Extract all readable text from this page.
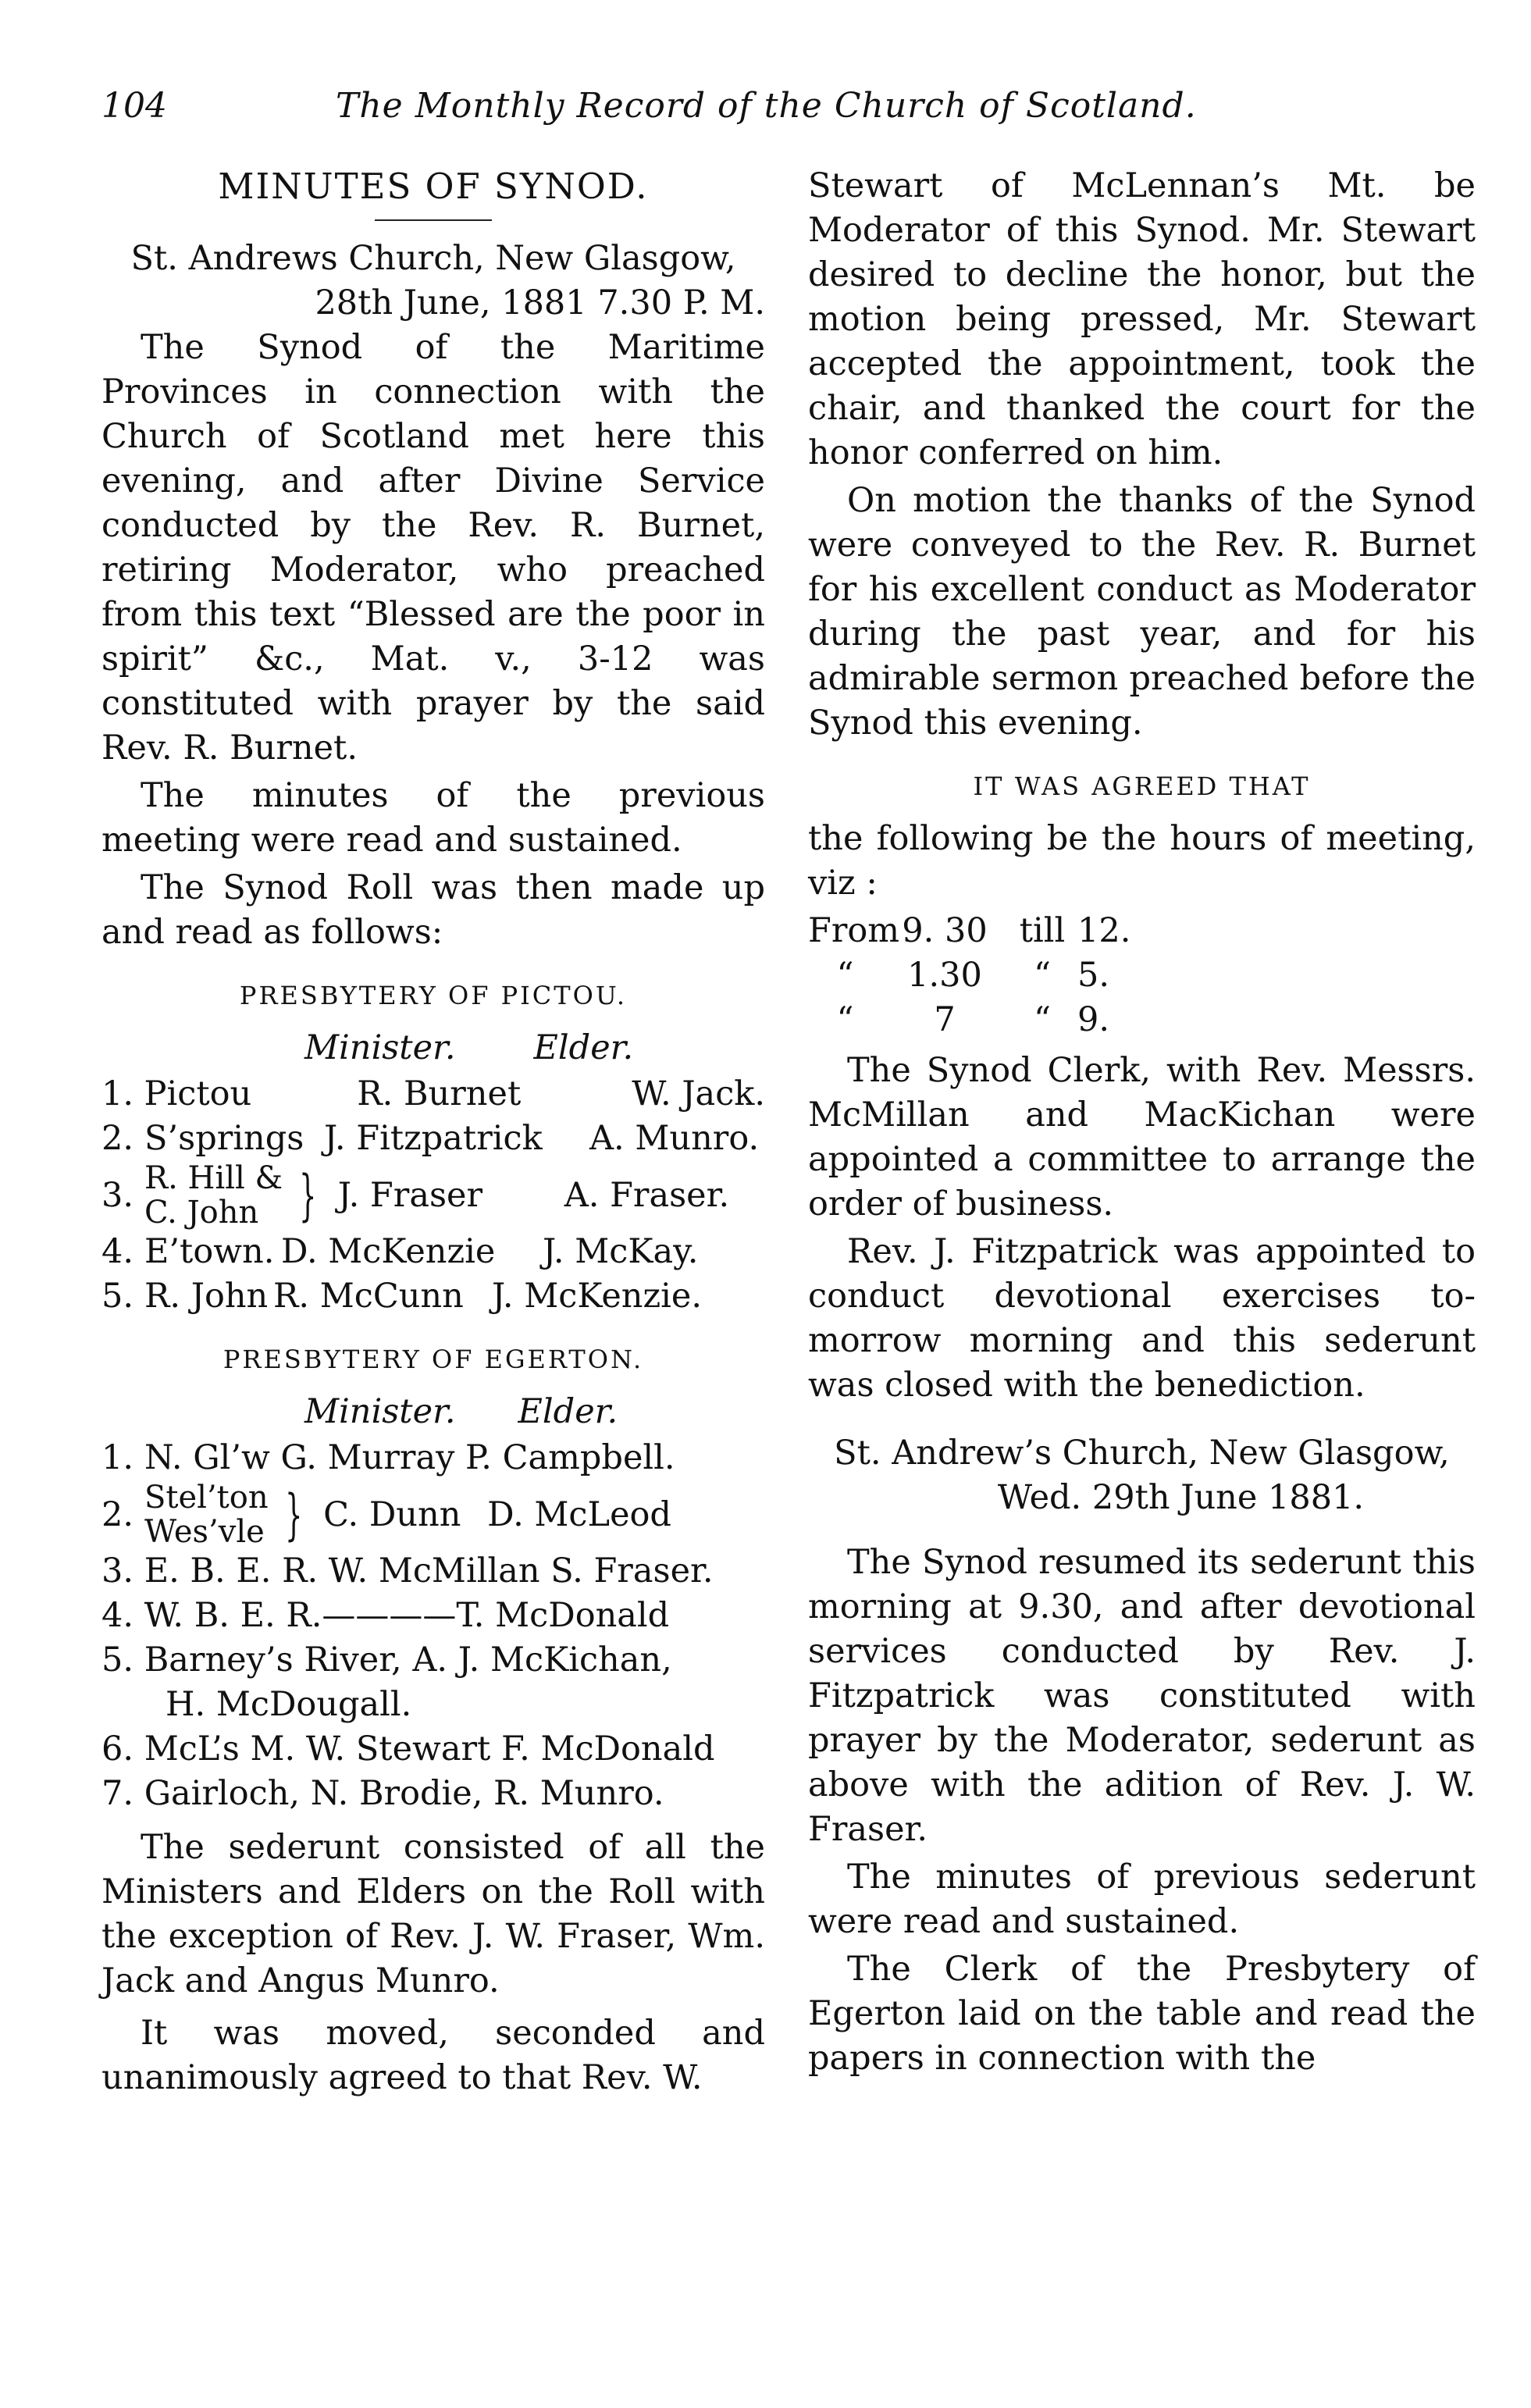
104	The Monthly Record of the Church of Scotland.
MINUTES OF SYNOD.
St. Andrews Church, New Glasgow,
28th June, 1881 7.30 P. M.

The Synod of the Maritime Provinces in connection with the Church of Scotland met here this evening, and after Divine Service conducted by the Rev. R. Burnet, retiring Moderator, who preached from this text “Blessed are the poor in spirit” &c., Mat. v., 3-12 was constituted with prayer by the said Rev. R. Burnet.

The minutes of the previous meeting were read and sustained.

The Synod Roll was then made up and read as follows:

PRESBYTERY OF PICTOU.
Minister. Elder.
1. Pictou	R. Burnet	W. Jack.
2. S’springs J. Fitzpatrick	A. Munro.
3. R. Hill &
C. John } J. Fraser	A. Fraser.
4. E’town. D. McKenzie	J. McKay.
5. R. John R. McCunn J. McKenzie.
PRESBYTERY OF EGERTON.
Minister. Elder.
1. N. Gl’w G. Murray P. Campbell.
2. Stel’ton
Wes’vle } C. Dunn D. McLeod
3. E. B. E. R. W. McMillan S. Fraser.
4. W. B. E. R.————T. McDonald
5. Barney’s River, A. J. McKichan,
H. McDougall.
6. McL’s M. W. Stewart F. McDonald
7. Gairloch, N. Brodie, R. Munro.

The sederunt consisted of all the Ministers and Elders on the Roll with the exception of Rev. J. W. Fraser, Wm. Jack and Angus Munro.

It was moved, seconded and unanimously agreed to that Rev. W.

Stewart of McLennan’s Mt. be Moderator of this Synod. Mr. Stewart desired to decline the honor, but the motion being pressed, Mr. Stewart accepted the appointment, took the chair, and thanked the court for the honor conferred on him.

On motion the thanks of the Synod were conveyed to the Rev. R. Burnet for his excellent conduct as Moderator during the past year, and for his admirable sermon preached before the Synod this evening.

IT WAS AGREED THAT

the following be the hours of meeting, viz :

From 9. 30 till 12.
“	1.30	“ 5.
“	7	“ 9.

The Synod Clerk, with Rev. Messrs. McMillan and MacKichan were appointed a committee to arrange the order of business.

Rev. J. Fitzpatrick was appointed to conduct devotional exercises to-morrow morning and this sederunt was closed with the benediction.

St. Andrew’s Church, New Glasgow,
Wed. 29th June 1881.

The Synod resumed its sederunt this morning at 9.30, and after devotional services conducted by Rev. J. Fitzpatrick was constituted with prayer by the Moderator, sederunt as above with the adition of Rev. J. W. Fraser.

The minutes of previous sederunt were read and sustained.

The Clerk of the Presbytery of Egerton laid on the table and read the papers in connection with the
